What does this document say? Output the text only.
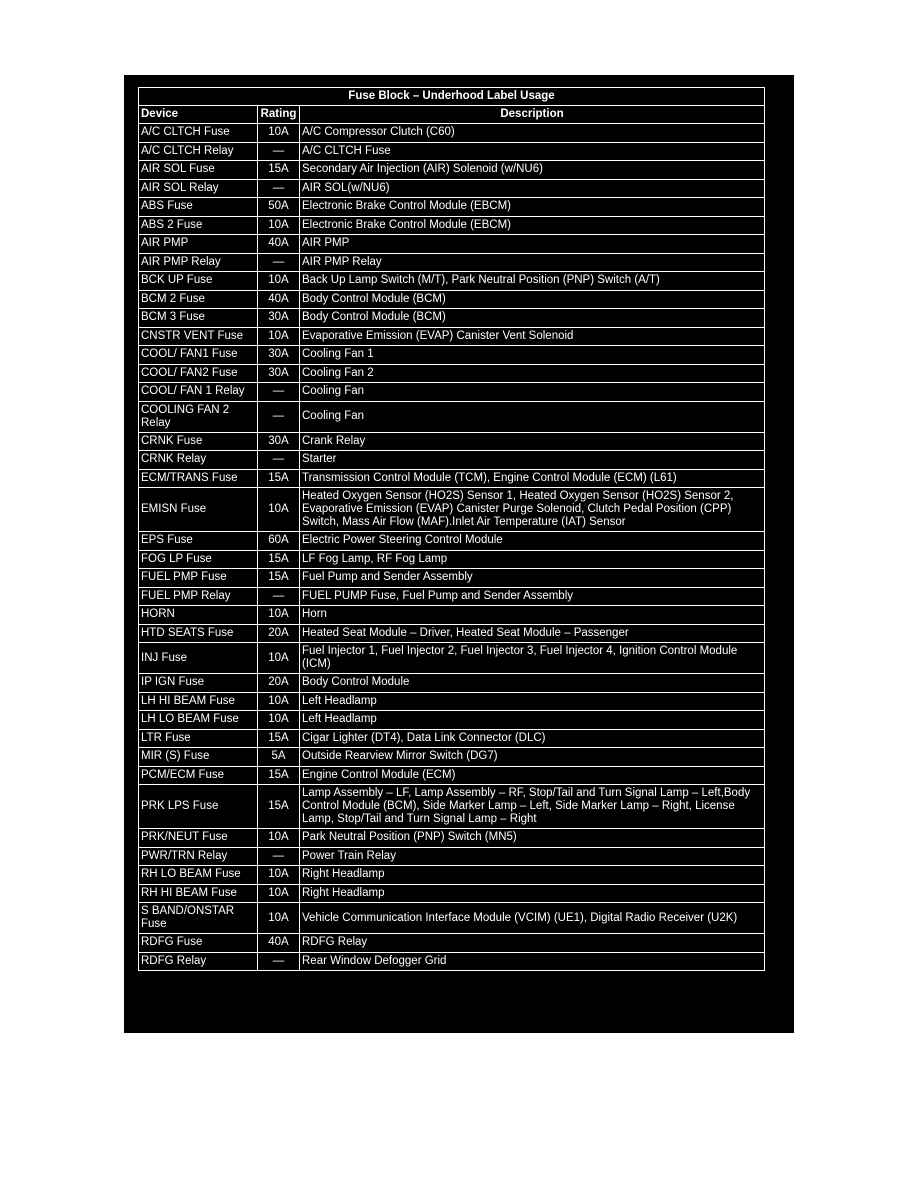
Fuse Block – Underhood Label Usage		
Device	Rating	Description
A/C CLTCH Fuse	10A	A/C Compressor Clutch (C60)
A/C CLTCH Relay	—	A/C CLTCH Fuse
AIR SOL Fuse	15A	Secondary Air Injection (AIR) Solenoid (w/NU6)
AIR SOL Relay	—	AIR SOL(w/NU6)
ABS Fuse	50A	Electronic Brake Control Module (EBCM)
ABS 2 Fuse	10A	Electronic Brake Control Module (EBCM)
AIR PMP	40A	AIR PMP
AIR PMP Relay	—	AIR PMP Relay
BCK UP Fuse	10A	Back Up Lamp Switch (M/T), Park Neutral Position (PNP) Switch (A/T)
BCM 2 Fuse	40A	Body Control Module (BCM)
BCM 3 Fuse	30A	Body Control Module (BCM)
CNSTR VENT Fuse	10A	Evaporative Emission (EVAP) Canister Vent Solenoid
COOL/ FAN1 Fuse	30A	Cooling Fan 1
COOL/ FAN2 Fuse	30A	Cooling Fan 2
COOL/ FAN 1 Relay	—	Cooling Fan
COOLING FAN 2 Relay	—	Cooling Fan
CRNK Fuse	30A	Crank Relay
CRNK Relay	—	Starter
ECM/TRANS Fuse	15A	Transmission Control Module (TCM), Engine Control Module (ECM) (L61)
EMISN Fuse	10A	Heated Oxygen Sensor (HO2S) Sensor 1, Heated Oxygen Sensor (HO2S) Sensor 2, Evaporative Emission (EVAP) Canister Purge Solenoid, Clutch Pedal Position (CPP) Switch, Mass Air Flow (MAF).Inlet Air Temperature (IAT) Sensor
EPS Fuse	60A	Electric Power Steering Control Module
FOG LP Fuse	15A	LF Fog Lamp, RF Fog Lamp
FUEL PMP Fuse	15A	Fuel Pump and Sender Assembly
FUEL PMP Relay	—	FUEL PUMP Fuse, Fuel Pump and Sender Assembly
HORN	10A	Horn
HTD SEATS Fuse	20A	Heated Seat Module – Driver, Heated Seat Module – Passenger
INJ Fuse	10A	Fuel Injector 1, Fuel Injector 2, Fuel Injector 3, Fuel Injector 4, Ignition Control Module (ICM)
IP IGN Fuse	20A	Body Control Module
LH HI BEAM Fuse	10A	Left Headlamp
LH LO BEAM Fuse	10A	Left Headlamp
LTR Fuse	15A	Cigar Lighter (DT4), Data Link Connector (DLC)
MIR (S) Fuse	5A	Outside Rearview Mirror Switch (DG7)
PCM/ECM Fuse	15A	Engine Control Module (ECM)
PRK LPS Fuse	15A	Lamp Assembly – LF, Lamp Assembly – RF, Stop/Tail and Turn Signal Lamp – Left,Body Control Module (BCM), Side Marker Lamp – Left, Side Marker Lamp – Right, License Lamp, Stop/Tail and Turn Signal Lamp – Right
PRK/NEUT Fuse	10A	Park Neutral Position (PNP) Switch (MN5)
PWR/TRN Relay	—	Power Train Relay
RH LO BEAM Fuse	10A	Right Headlamp
RH HI BEAM Fuse	10A	Right Headlamp
S BAND/ONSTAR Fuse	10A	Vehicle Communication Interface Module (VCIM) (UE1), Digital Radio Receiver (U2K)
RDFG Fuse	40A	RDFG Relay
RDFG Relay	—	Rear Window Defogger Grid
